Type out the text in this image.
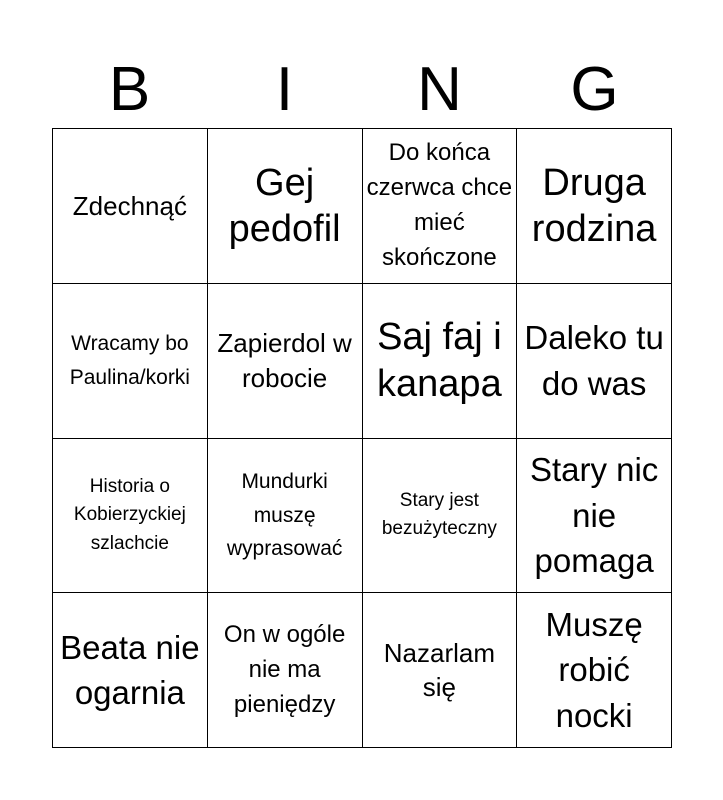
B	I	N	G
Zdechnąć
Gej pedofil
Do końca czerwca chce mieć skończone
Druga rodzina
Wracamy bo Paulina/korki
Zapierdol w robocie
Saj faj i kanapa
Daleko tu do was
Historia o Kobierzyckiej szlachcie
Mundurki muszę wyprasować
Stary jest bezużyteczny
Stary nic nie pomaga
Beata nie ogarnia
On w ogóle nie ma pieniędzy
Nazarlam się
Muszę robić nocki
